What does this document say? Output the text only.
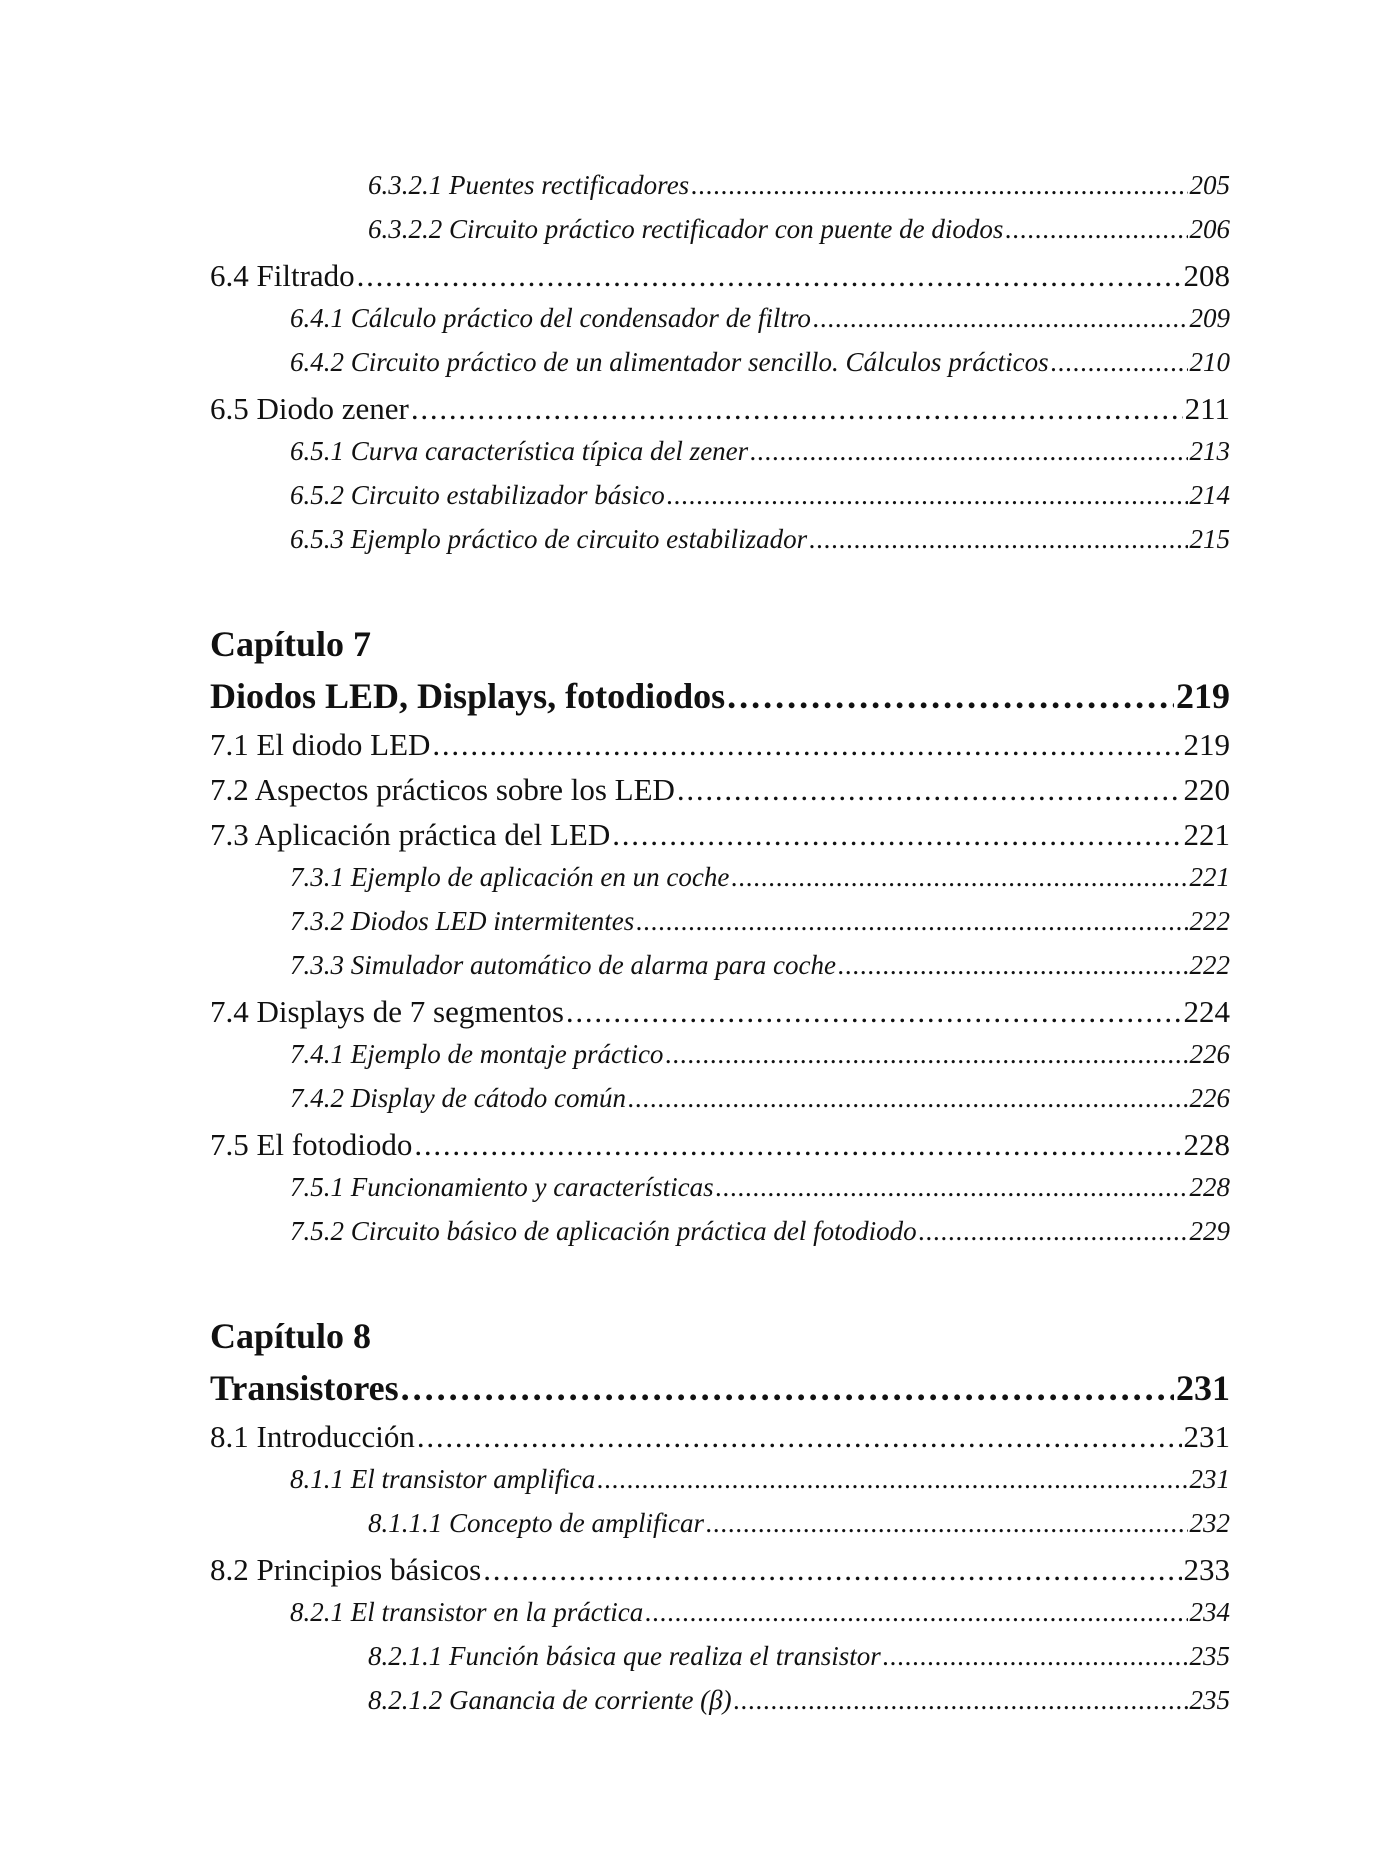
6.3.2.1 Puentes rectificadores . . .	205
6.3.2.2 Circuito práctico rectificador con puente de diodos . . .	206
6.4 Filtrado . . .	208
6.4.1 Cálculo práctico del condensador de filtro . . .	209
6.4.2 Circuito práctico de un alimentador sencillo. Cálculos prácticos . . .	210
6.5 Diodo zener . . .	211
6.5.1 Curva característica típica del zener . . .	213
6.5.2 Circuito estabilizador básico . . .	214
6.5.3 Ejemplo práctico de circuito estabilizador . . .	215
Capítulo 7
Diodos LED, Displays, fotodiodos . . .	219
7.1 El diodo LED . . .	219
7.2 Aspectos prácticos sobre los LED . . .	220
7.3 Aplicación práctica del LED . . .	221
7.3.1 Ejemplo de aplicación en un coche . . .	221
7.3.2 Diodos LED intermitentes . . .	222
7.3.3 Simulador automático de alarma para coche . . .	222
7.4 Displays de 7 segmentos . . .	224
7.4.1 Ejemplo de montaje práctico . . .	226
7.4.2 Display de cátodo común . . .	226
7.5 El fotodiodo . . .	228
7.5.1 Funcionamiento y características . . .	228
7.5.2 Circuito básico de aplicación práctica del fotodiodo . . .	229
Capítulo 8
Transistores . . .	231
8.1 Introducción . . .	231
8.1.1 El transistor amplifica . . .	231
8.1.1.1 Concepto de amplificar . . .	232
8.2 Principios básicos . . .	233
8.2.1 El transistor en la práctica . . .	234
8.2.1.1 Función básica que realiza el transistor . . .	235
8.2.1.2 Ganancia de corriente (β) . . .	235
